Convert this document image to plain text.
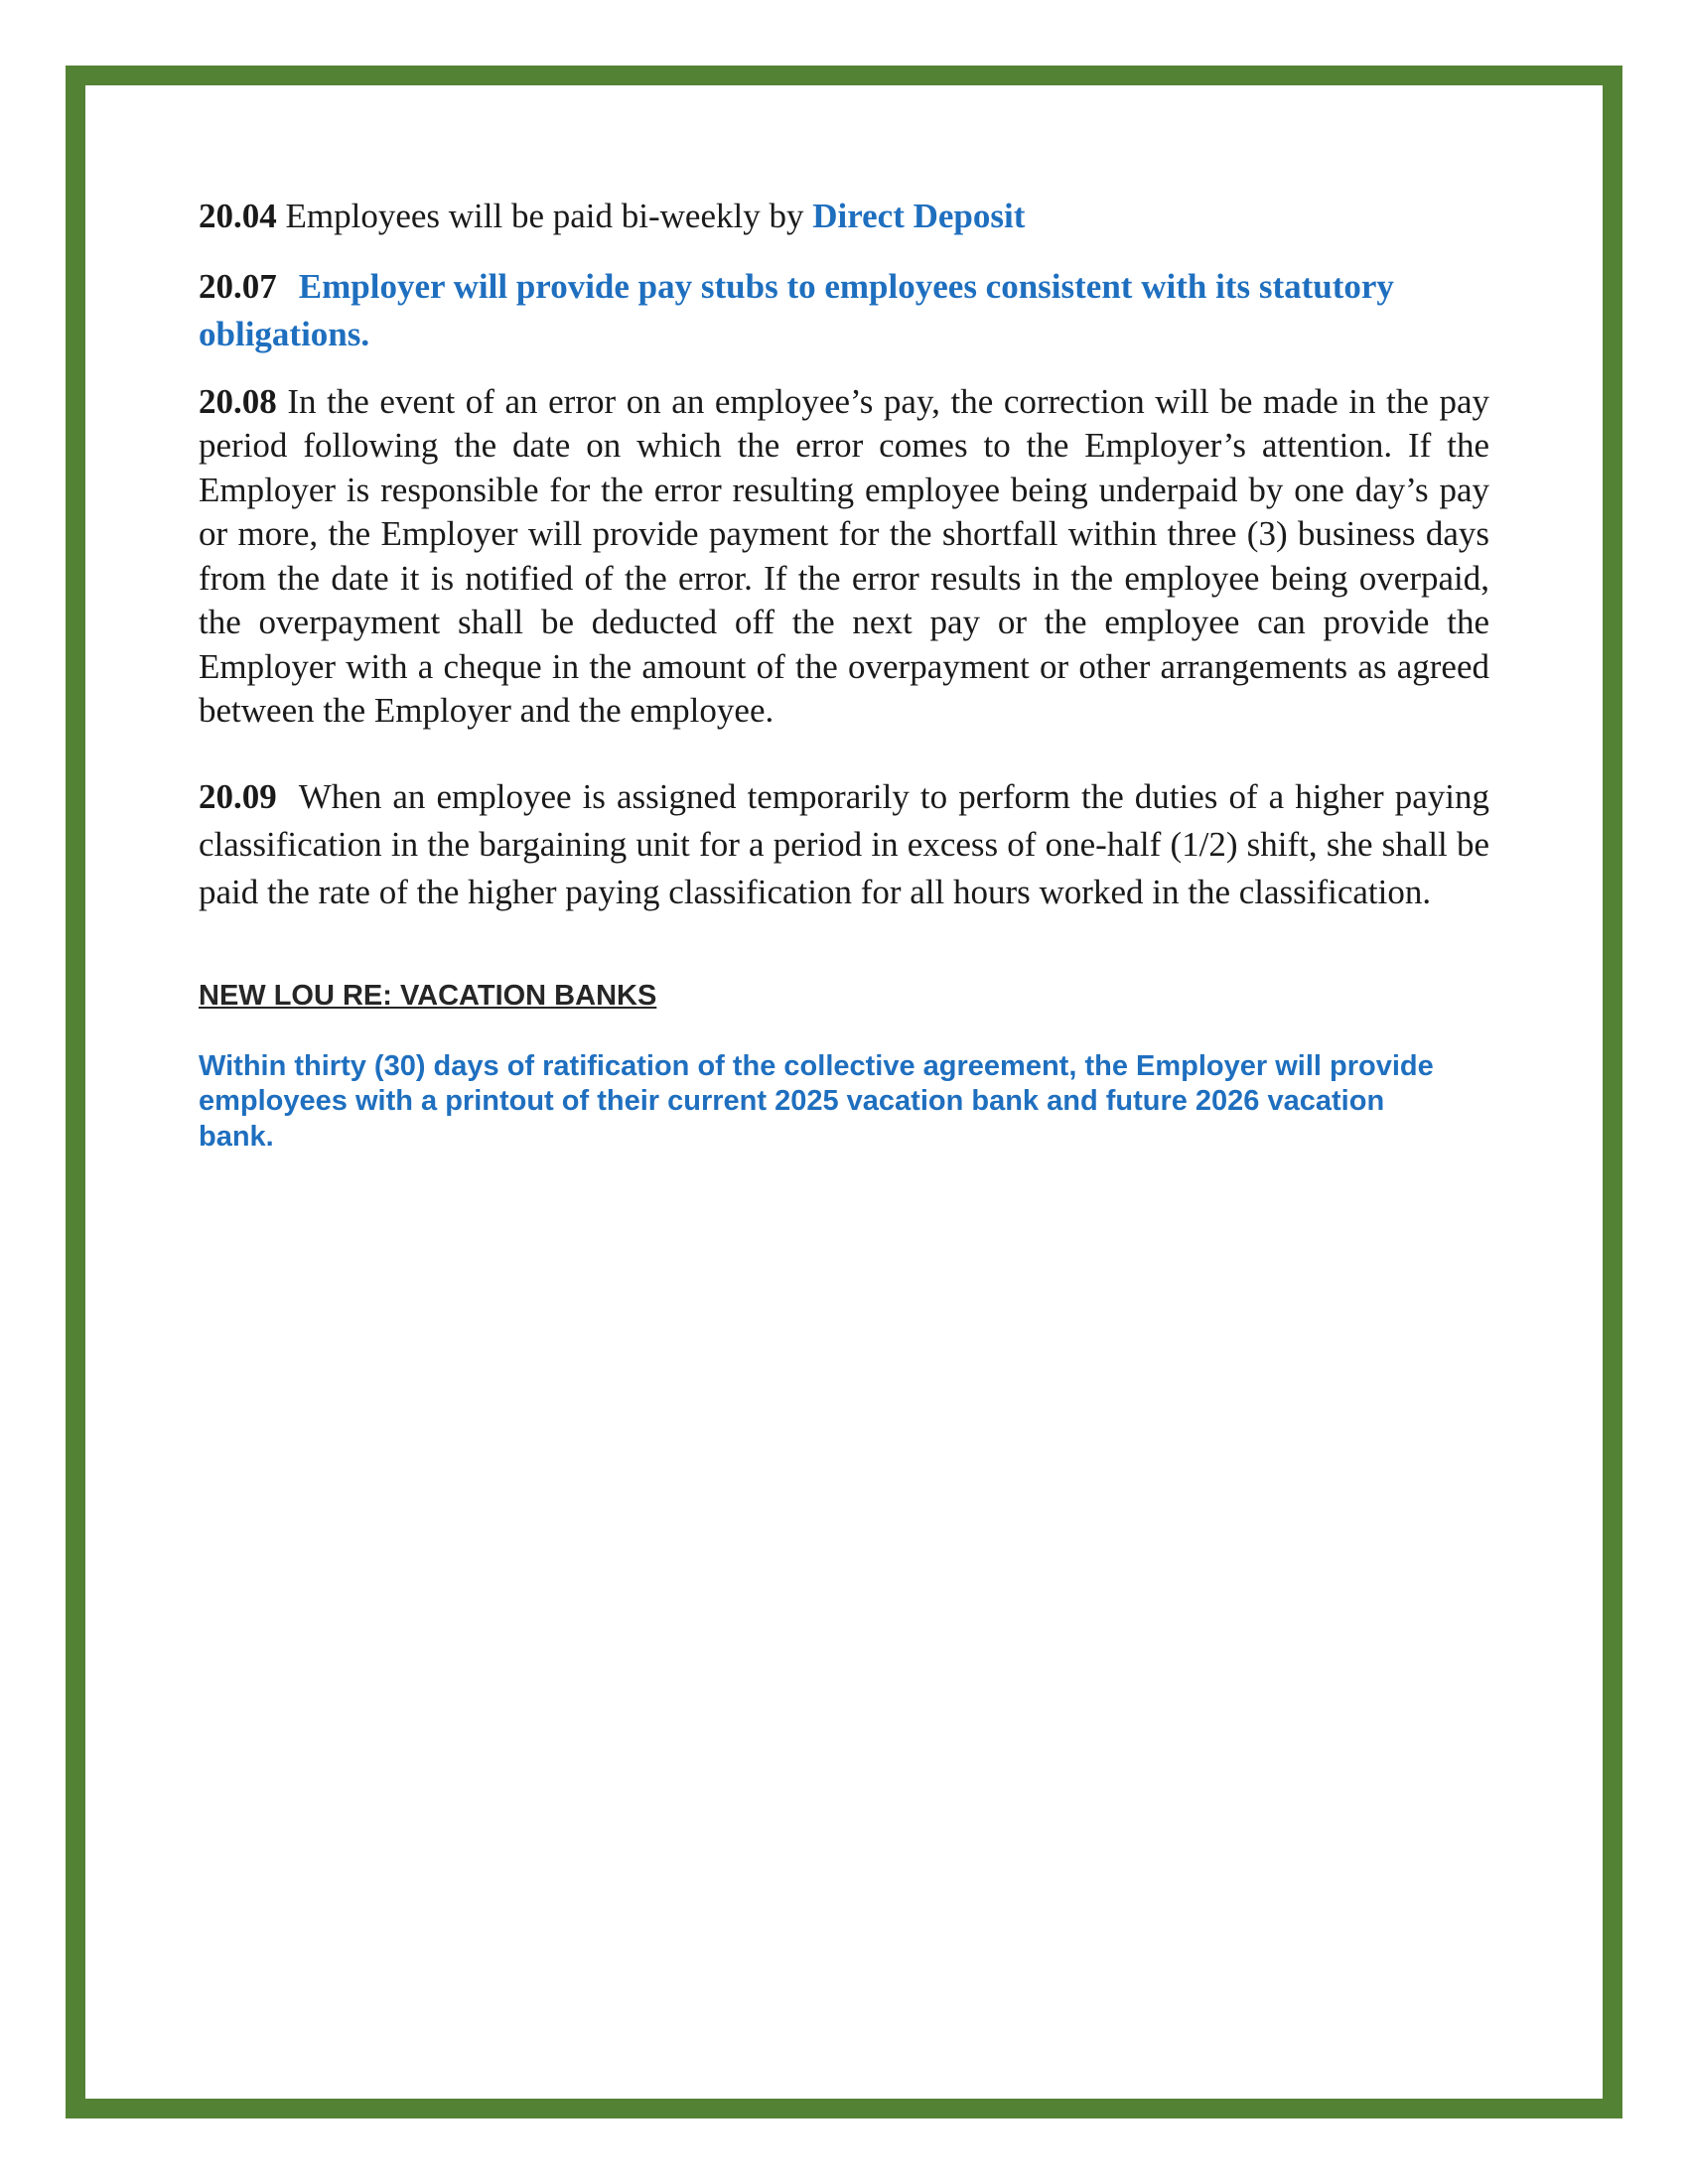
20.04 Employees will be paid bi-weekly by Direct Deposit

20.07 Employer will provide pay stubs to employees consistent with its statutory obligations.

20.08 In the event of an error on an employee’s pay, the correction will be made in the pay period following the date on which the error comes to the Employer’s attention. If the Employer is responsible for the error resulting employee being underpaid by one day’s pay or more, the Employer will provide payment for the shortfall within three (3) business days from the date it is notified of the error. If the error results in the employee being overpaid, the overpayment shall be deducted off the next pay or the employee can provide the Employer with a cheque in the amount of the overpayment or other arrangements as agreed between the Employer and the employee.

20.09 When an employee is assigned temporarily to perform the duties of a higher paying classification in the bargaining unit for a period in excess of one-half (1/2) shift, she shall be paid the rate of the higher paying classification for all hours worked in the classification.

NEW LOU RE: VACATION BANKS

Within thirty (30) days of ratification of the collective agreement, the Employer will provide employees with a printout of their current 2025 vacation bank and future 2026 vacation bank.
